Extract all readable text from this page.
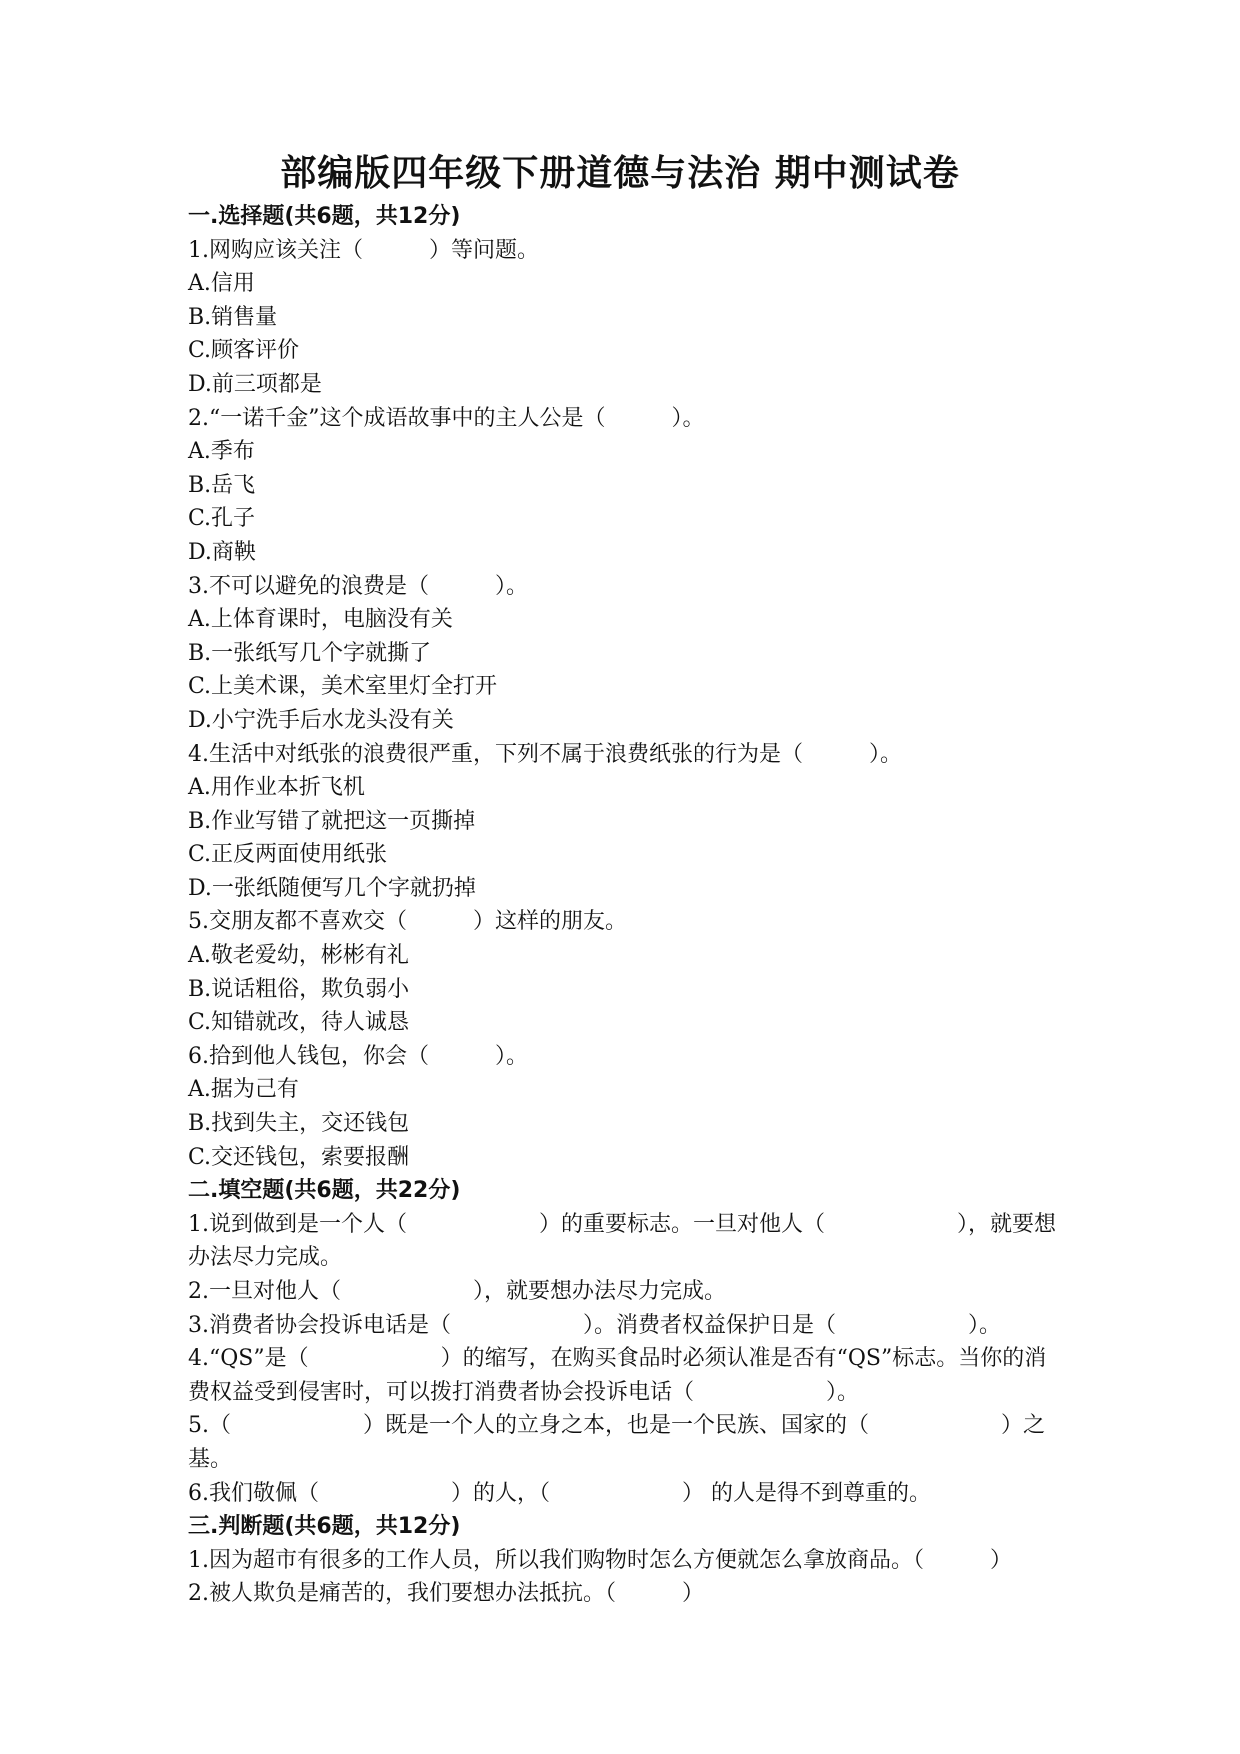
部编版四年级下册道德与法治 期中测试卷
一.选择题(共6题，共12分)
1.网购应该关注（　　　）等问题。
A.信用
B.销售量
C.顾客评价
D.前三项都是
2.“一诺千金”这个成语故事中的主人公是（　　　）。
A.季布
B.岳飞
C.孔子
D.商鞅
3.不可以避免的浪费是（　　　）。
A.上体育课时，电脑没有关
B.一张纸写几个字就撕了
C.上美术课，美术室里灯全打开
D.小宁洗手后水龙头没有关
4.生活中对纸张的浪费很严重，下列不属于浪费纸张的行为是（　　　）。
A.用作业本折飞机
B.作业写错了就把这一页撕掉
C.正反两面使用纸张
D.一张纸随便写几个字就扔掉
5.交朋友都不喜欢交（　　　）这样的朋友。
A.敬老爱幼，彬彬有礼
B.说话粗俗，欺负弱小
C.知错就改，待人诚恳
6.拾到他人钱包，你会（　　　）。
A.据为己有
B.找到失主，交还钱包
C.交还钱包，索要报酬
二.填空题(共6题，共22分)
1.说到做到是一个人（　　　　　　）的重要标志。一旦对他人（　　　　　　），就要想办法尽力完成。
2.一旦对他人（　　　　　　），就要想办法尽力完成。
3.消费者协会投诉电话是（　　　　　　）。消费者权益保护日是（　　　　　　）。
4.“QS”是（　　　　　　）的缩写，在购买食品时必须认准是否有“QS”标志。当你的消费权益受到侵害时，可以拨打消费者协会投诉电话（　　　　　　）。
5.（　　　　　　）既是一个人的立身之本，也是一个民族、国家的（　　　　　　）之基。
6.我们敬佩（　　　　　　）的人，（　　　　　　） 的人是得不到尊重的。
三.判断题(共6题，共12分)
1.因为超市有很多的工作人员，所以我们购物时怎么方便就怎么拿放商品。（　　　）
2.被人欺负是痛苦的，我们要想办法抵抗。（　　　）
